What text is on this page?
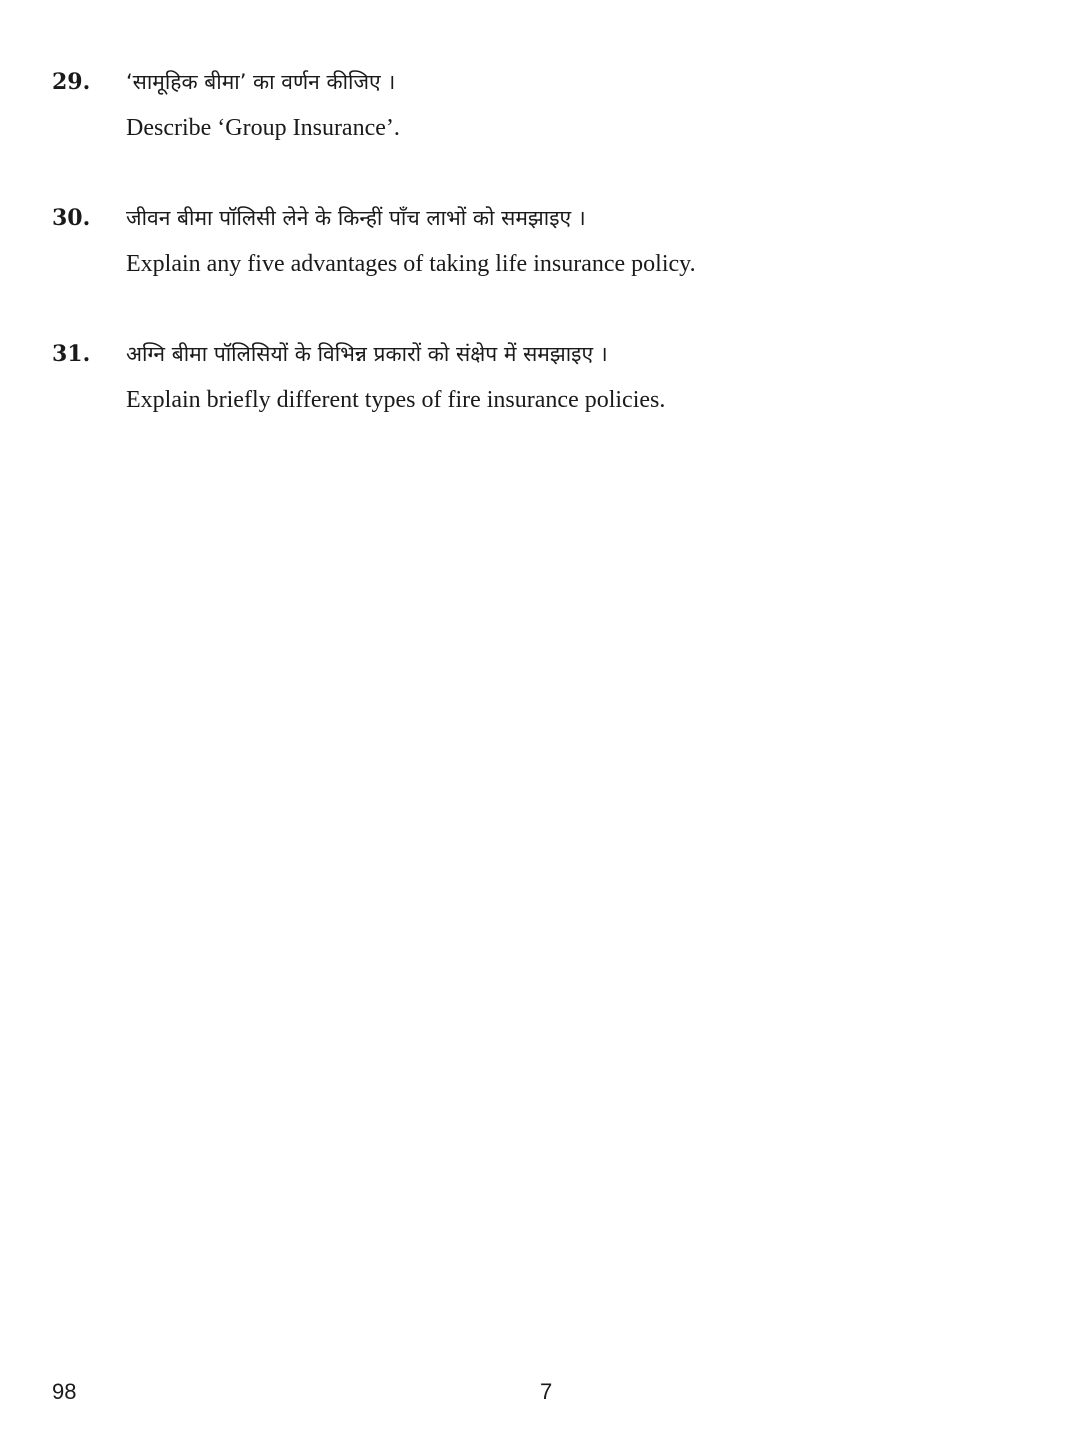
29. ‘सामूहिक बीमा’ का वर्णन कीजिए ।
Describe ‘Group Insurance’.
30. जीवन बीमा पॉलिसी लेने के किन्हीं पाँच लाभों को समझाइए ।
Explain any five advantages of taking life insurance policy.
31. अग्नि बीमा पॉलिसियों के विभिन्न प्रकारों को संक्षेप में समझाइए ।
Explain briefly different types of fire insurance policies.
98	7
